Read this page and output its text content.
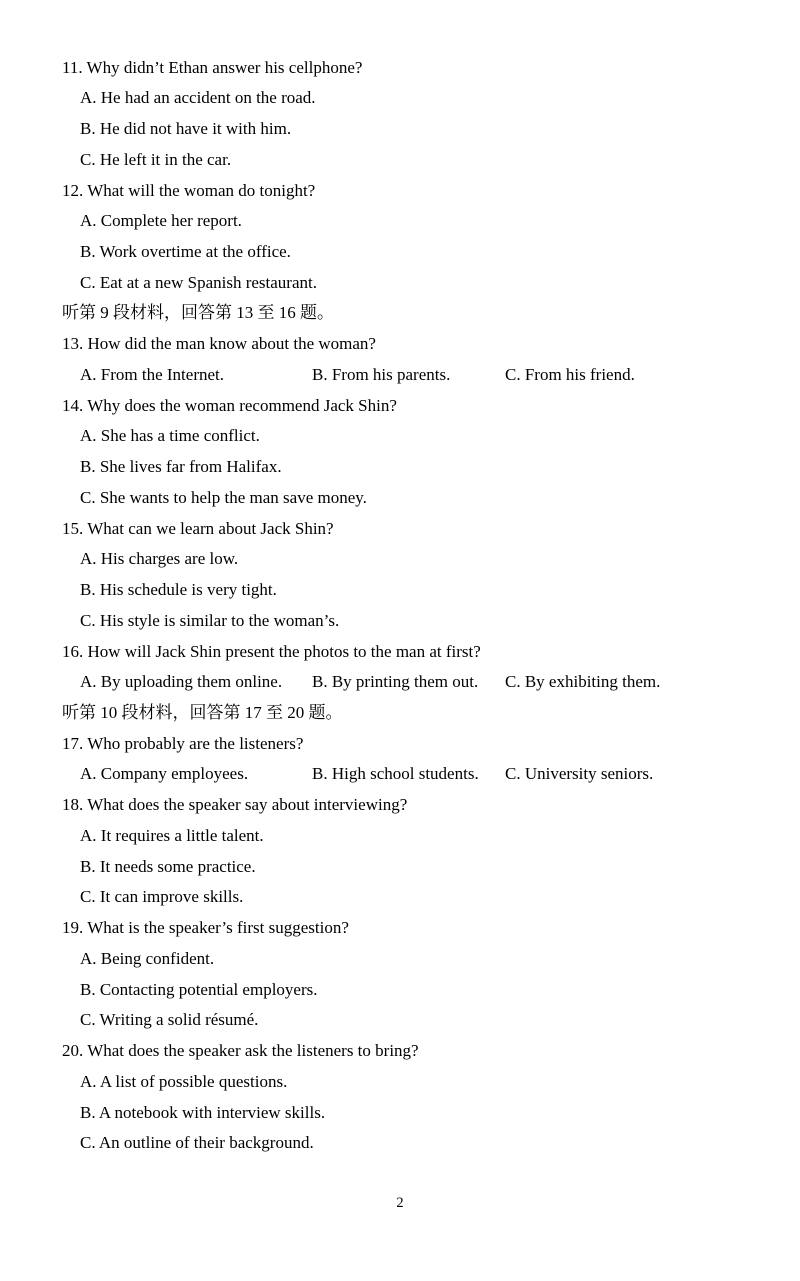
11. Why didn’t Ethan answer his cellphone?
A. He had an accident on the road.
B. He did not have it with him.
C. He left it in the car.
12. What will the woman do tonight?
A. Complete her report.
B. Work overtime at the office.
C. Eat at a new Spanish restaurant.
听第 9 段材料，回答第 13 至 16 题。
13. How did the man know about the woman?
A. From the Internet.	B. From his parents.	C. From his friend.
14. Why does the woman recommend Jack Shin?
A. She has a time conflict.
B. She lives far from Halifax.
C. She wants to help the man save money.
15. What can we learn about Jack Shin?
A. His charges are low.
B. His schedule is very tight.
C. His style is similar to the woman’s.
16. How will Jack Shin present the photos to the man at first?
A. By uploading them online.	B. By printing them out.	C. By exhibiting them.
听第 10 段材料，回答第 17 至 20 题。
17. Who probably are the listeners?
A. Company employees.	B. High school students.	C. University seniors.
18. What does the speaker say about interviewing?
A. It requires a little talent.
B. It needs some practice.
C. It can improve skills.
19. What is the speaker’s first suggestion?
A. Being confident.
B. Contacting potential employers.
C. Writing a solid résumé.
20. What does the speaker ask the listeners to bring?
A. A list of possible questions.
B. A notebook with interview skills.
C. An outline of their background.
2
